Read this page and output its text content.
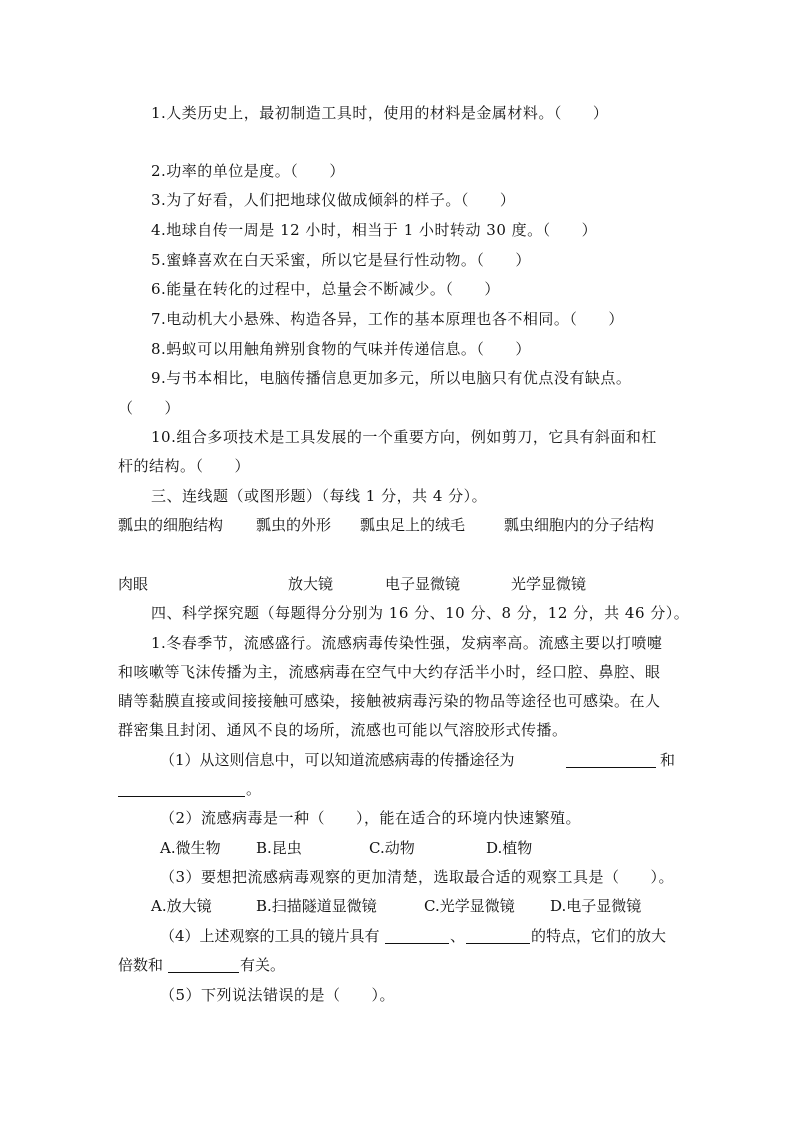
1.人类历史上，最初制造工具时，使用的材料是金属材料。（　　）
2.功率的单位是度。（　　）
3.为了好看，人们把地球仪做成倾斜的样子。（　　）
4.地球自传一周是 12 小时，相当于 1 小时转动 30 度。（　　）
5.蜜蜂喜欢在白天采蜜，所以它是昼行性动物。（　　）
6.能量在转化的过程中，总量会不断减少。（　　）
7.电动机大小悬殊、构造各异，工作的基本原理也各不相同。（　　）
8.蚂蚁可以用触角辨别食物的气味并传递信息。（　　）
9.与书本相比，电脑传播信息更加多元，所以电脑只有优点没有缺点。
（　　）
10.组合多项技术是工具发展的一个重要方向，例如剪刀，它具有斜面和杠
杆的结构。（　　）
三、连线题（或图形题）（每线 1 分，共 4 分）。
瓢虫的细胞结构 瓢虫的外形 瓢虫足上的绒毛	瓢虫细胞内的分子结构
肉眼	放大镜	电子显微镜	光学显微镜
四、科学探究题（每题得分分别为 16 分、10 分、8 分，12 分，共 46 分）。
1.冬春季节，流感盛行。流感病毒传染性强，发病率高。流感主要以打喷嚏
和咳嗽等飞沫传播为主，流感病毒在空气中大约存活半小时，经口腔、鼻腔、眼
睛等黏膜直接或间接接触可感染，接触被病毒污染的物品等途径也可感染。在人
群密集且封闭、通风不良的场所，流感也可能以气溶胶形式传播。
（1）从这则信息中，可以知道流感病毒的传播途径为	和
。
（2）流感病毒是一种（　　），能在适合的环境内快速繁殖。
A.微生物 B.昆虫	C.动物	D.植物
（3）要想把流感病毒观察的更加清楚，选取最合适的观察工具是（　　）。
A.放大镜	B.扫描隧道显微镜	C.光学显微镜 D.电子显微镜
（4）上述观察的工具的镜片具有	、	的特点，它们的放大
倍数和	有关。
（5）下列说法错误的是（　　）。
